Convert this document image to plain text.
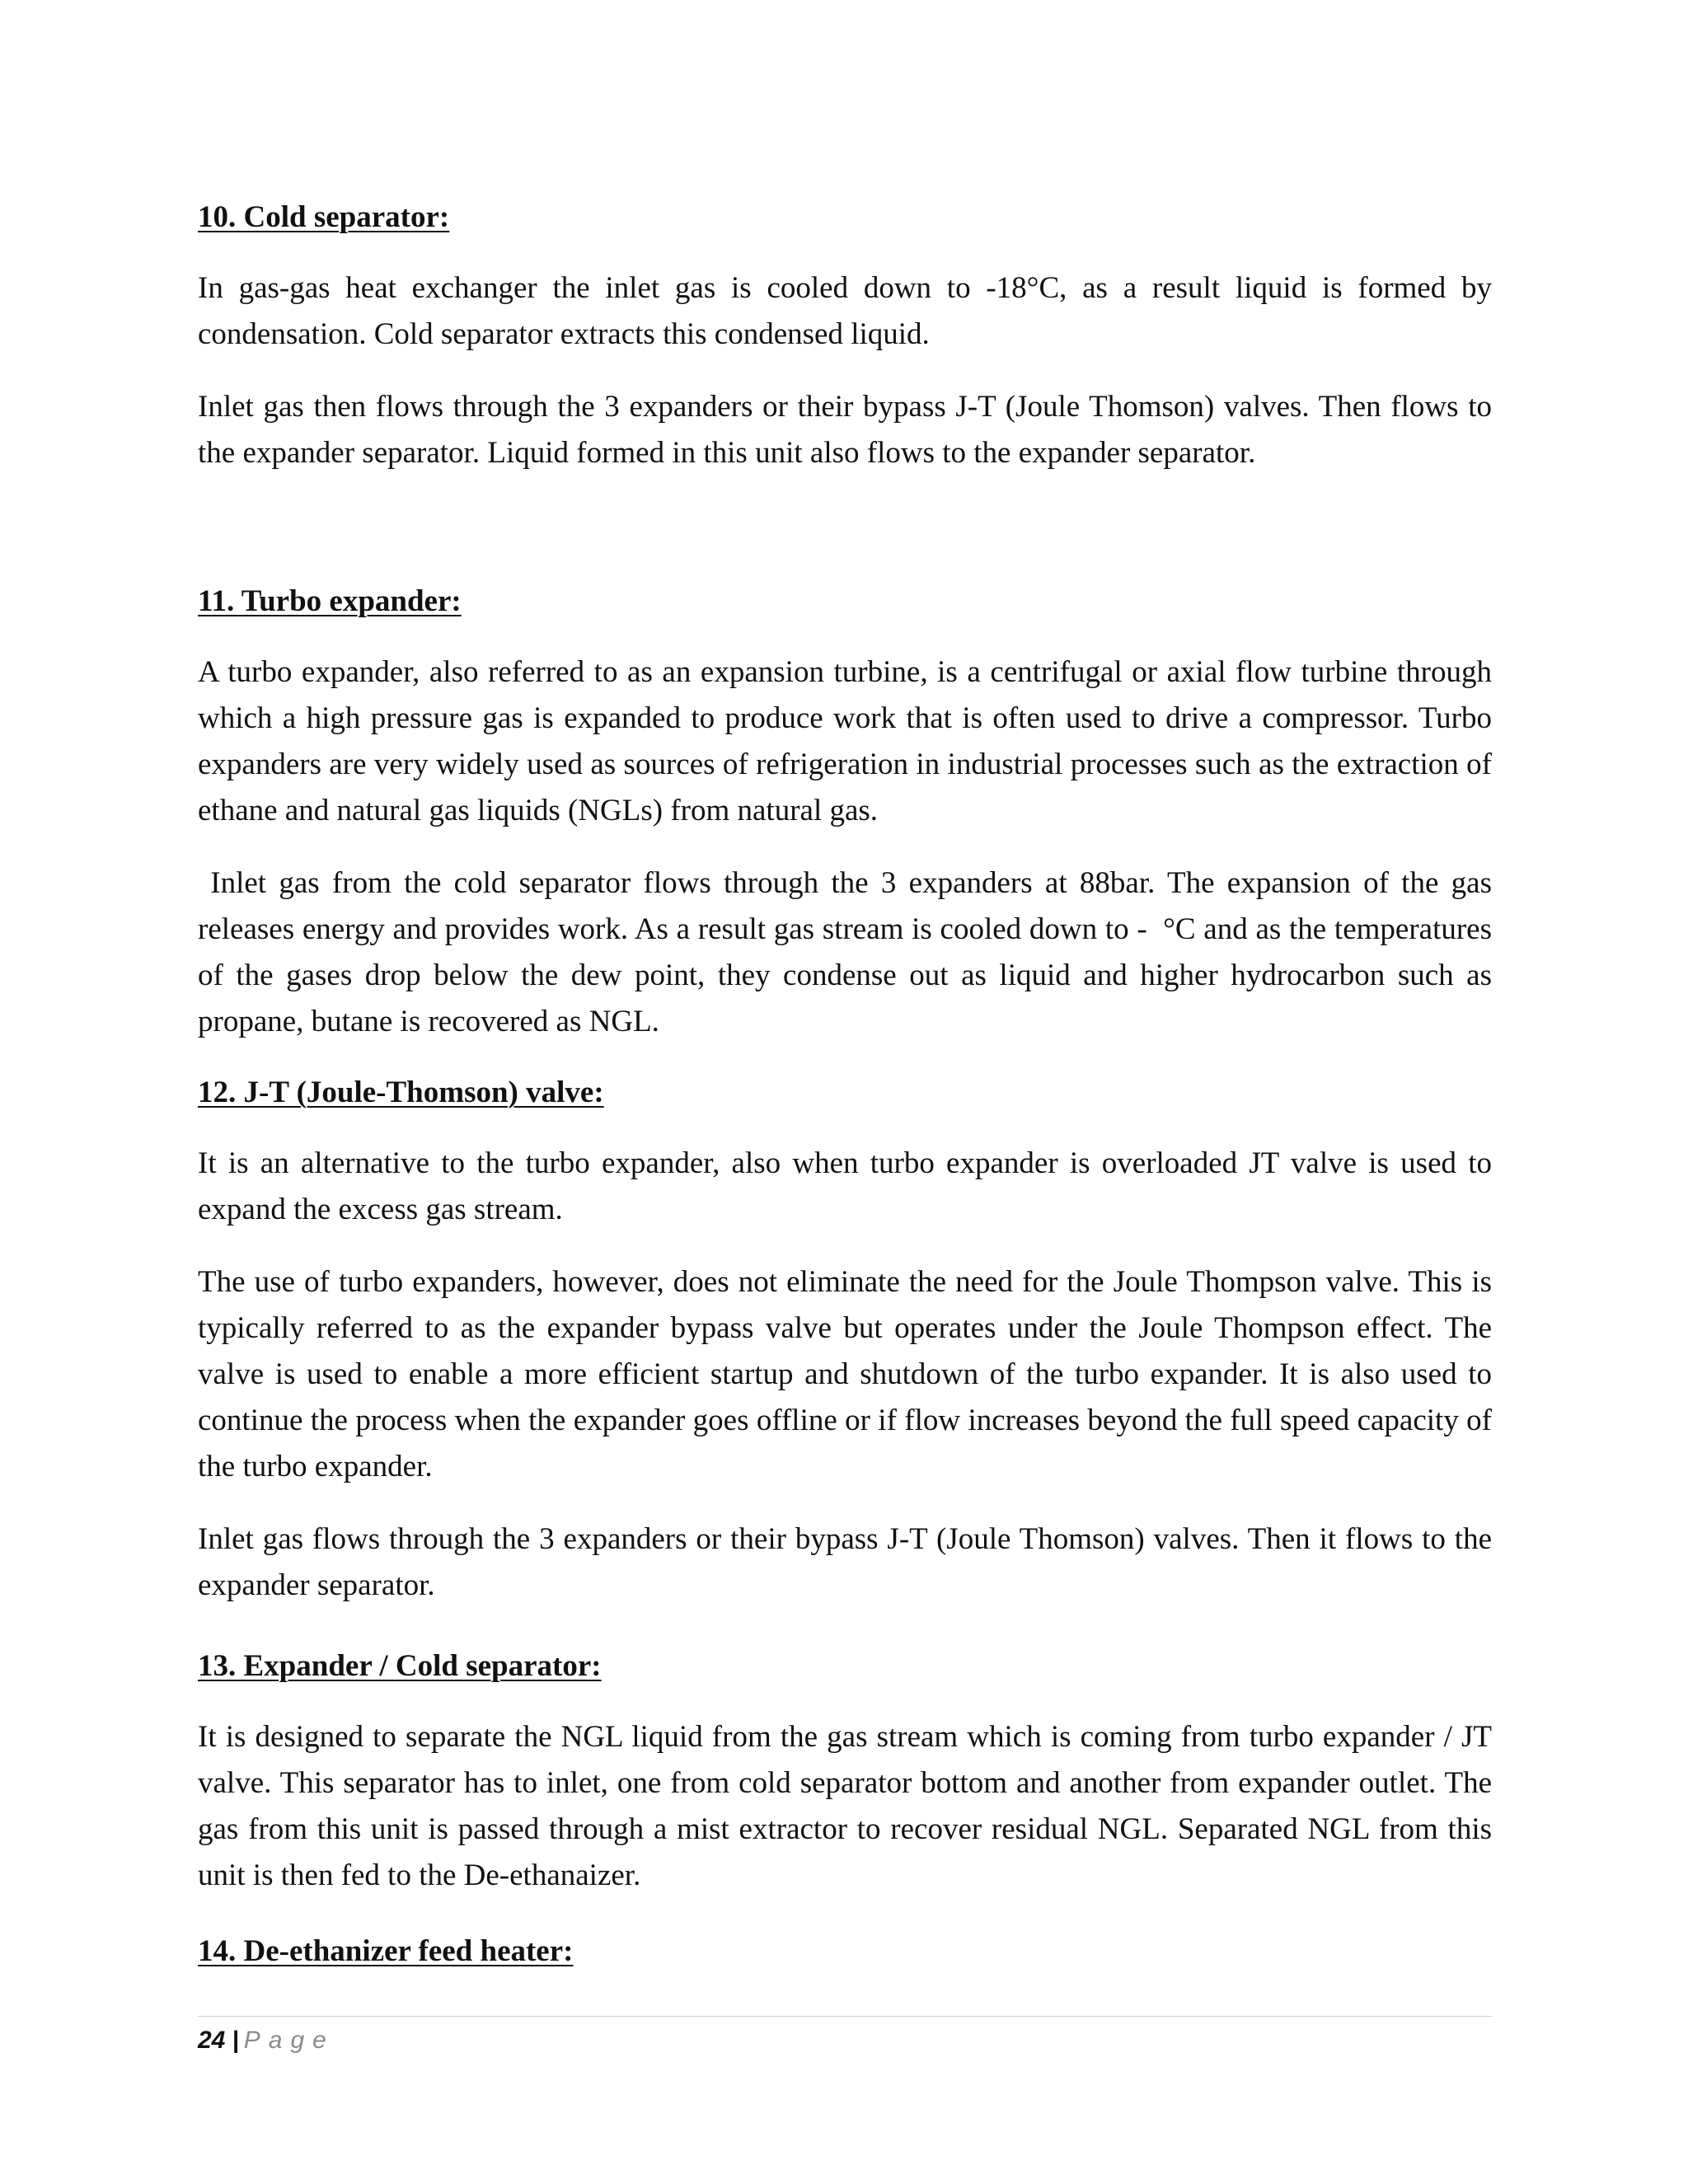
10. Cold separator:

In gas-gas heat exchanger the inlet gas is cooled down to -18°C, as a result liquid is formed by condensation. Cold separator extracts this condensed liquid.

Inlet gas then flows through the 3 expanders or their bypass J-T (Joule Thomson) valves. Then flows to the expander separator. Liquid formed in this unit also flows to the expander separator.

11. Turbo expander:

A turbo expander, also referred to as an expansion turbine, is a centrifugal or axial flow turbine through which a high pressure gas is expanded to produce work that is often used to drive a compressor. Turbo expanders are very widely used as sources of refrigeration in industrial processes such as the extraction of ethane and natural gas liquids (NGLs) from natural gas.

Inlet gas from the cold separator flows through the 3 expanders at 88bar. The expansion of the gas releases energy and provides work. As a result gas stream is cooled down to -  °C and as the temperatures of the gases drop below the dew point, they condense out as liquid and higher hydrocarbon such as propane, butane is recovered as NGL.

12. J-T (Joule-Thomson) valve:

It is an alternative to the turbo expander, also when turbo expander is overloaded JT valve is used to expand the excess gas stream.

The use of turbo expanders, however, does not eliminate the need for the Joule Thompson valve. This is typically referred to as the expander bypass valve but operates under the Joule Thompson effect. The valve is used to enable a more efficient startup and shutdown of the turbo expander. It is also used to continue the process when the expander goes offline or if flow increases beyond the full speed capacity of the turbo expander.

Inlet gas flows through the 3 expanders or their bypass J-T (Joule Thomson) valves. Then it flows to the expander separator.

13. Expander / Cold separator:

It is designed to separate the NGL liquid from the gas stream which is coming from turbo expander / JT valve. This separator has to inlet, one from cold separator bottom and another from expander outlet. The gas from this unit is passed through a mist extractor to recover residual NGL. Separated NGL from this unit is then fed to the De-ethanaizer.

14. De-ethanizer feed heater:
24 | Page
